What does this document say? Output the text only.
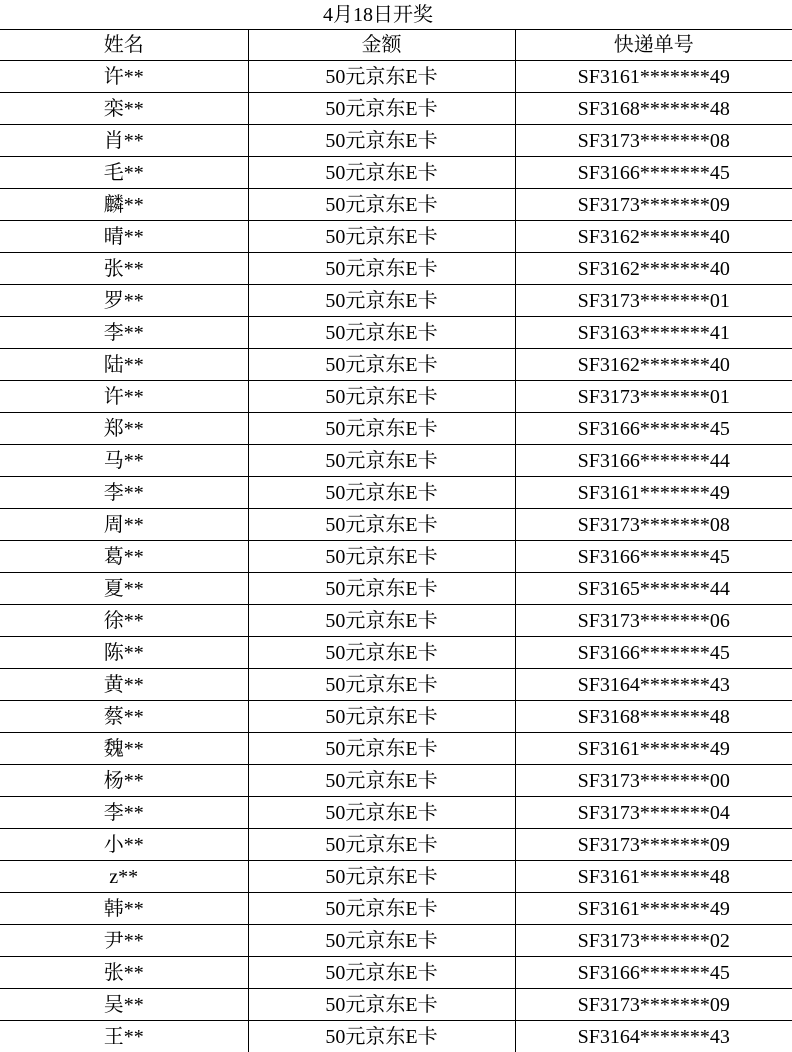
4月18日开奖
姓名	金额	快递单号
许**	50元京东E卡	SF3161*******49
栾**	50元京东E卡	SF3168*******48
肖**	50元京东E卡	SF3173*******08
毛**	50元京东E卡	SF3166*******45
麟**	50元京东E卡	SF3173*******09
晴**	50元京东E卡	SF3162*******40
张**	50元京东E卡	SF3162*******40
罗**	50元京东E卡	SF3173*******01
李**	50元京东E卡	SF3163*******41
陆**	50元京东E卡	SF3162*******40
许**	50元京东E卡	SF3173*******01
郑**	50元京东E卡	SF3166*******45
马**	50元京东E卡	SF3166*******44
李**	50元京东E卡	SF3161*******49
周**	50元京东E卡	SF3173*******08
葛**	50元京东E卡	SF3166*******45
夏**	50元京东E卡	SF3165*******44
徐**	50元京东E卡	SF3173*******06
陈**	50元京东E卡	SF3166*******45
黄**	50元京东E卡	SF3164*******43
蔡**	50元京东E卡	SF3168*******48
魏**	50元京东E卡	SF3161*******49
杨**	50元京东E卡	SF3173*******00
李**	50元京东E卡	SF3173*******04
小**	50元京东E卡	SF3173*******09
z**	50元京东E卡	SF3161*******48
韩**	50元京东E卡	SF3161*******49
尹**	50元京东E卡	SF3173*******02
张**	50元京东E卡	SF3166*******45
吴**	50元京东E卡	SF3173*******09
王**	50元京东E卡	SF3164*******43
